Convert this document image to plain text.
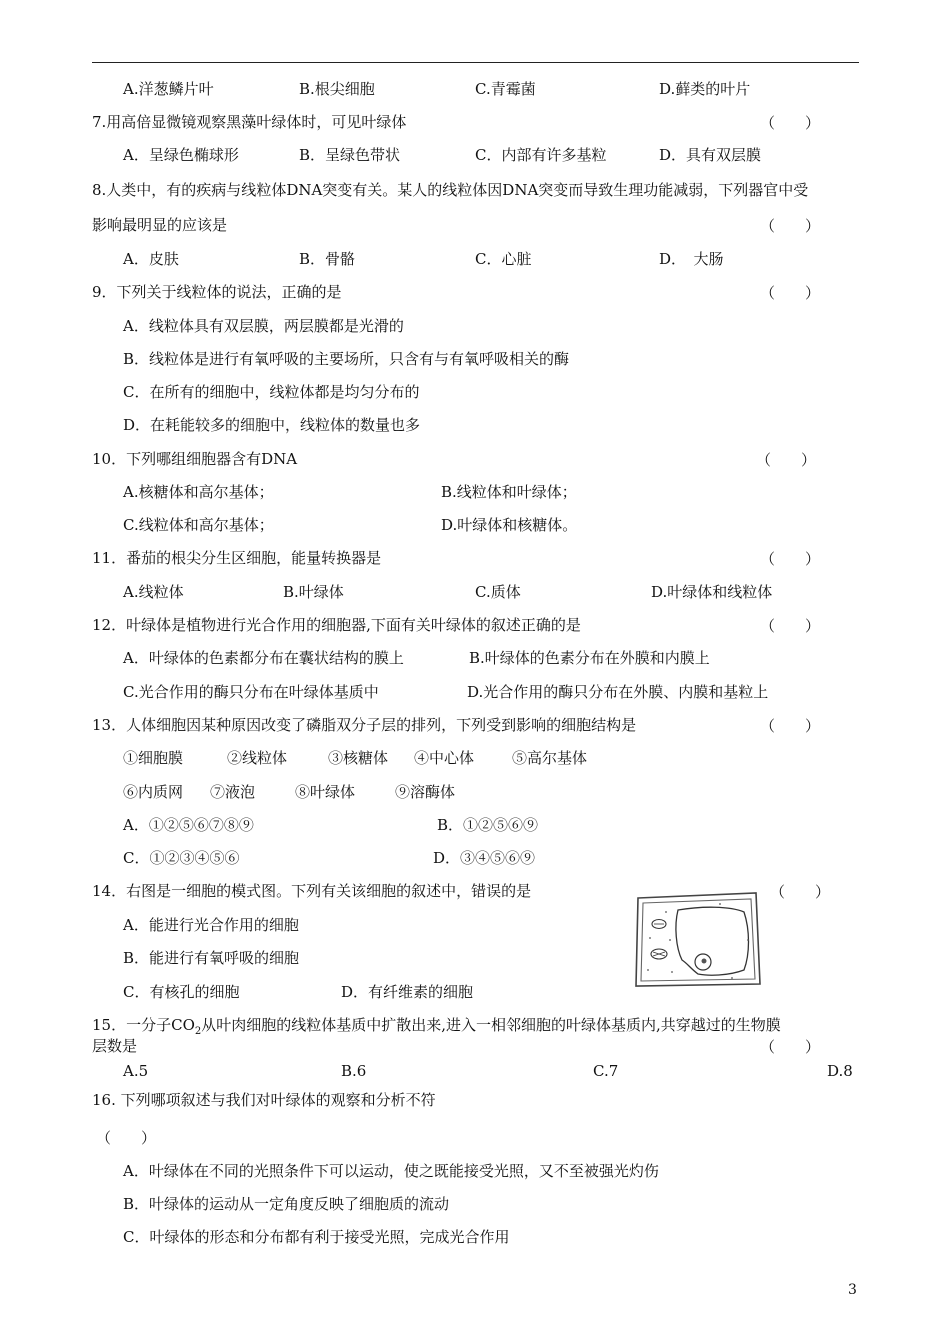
A.洋葱鳞片叶	B.根尖细胞	C.青霉菌	D.藓类的叶片
7.用高倍显微镜观察黑藻叶绿体时，可见叶绿体	（　　）
A．呈绿色椭球形	B．呈绿色带状	C．内部有许多基粒	D．具有双层膜
8.人类中，有的疾病与线粒体DNA突变有关。某人的线粒体因DNA突变而导致生理功能减弱，下列器官中受
影响最明显的应该是	（　　）
A．皮肤	B．骨骼	C．心脏	D．　大肠
9．下列关于线粒体的说法，正确的是	（　　）
A．线粒体具有双层膜，两层膜都是光滑的
B．线粒体是进行有氧呼吸的主要场所，只含有与有氧呼吸相关的酶
C．在所有的细胞中，线粒体都是均匀分布的
D．在耗能较多的细胞中，线粒体的数量也多
10．下列哪组细胞器含有DNA	（　　）
A.核糖体和高尔基体；	B.线粒体和叶绿体；
C.线粒体和高尔基体；	D.叶绿体和核糖体。
11．番茄的根尖分生区细胞，能量转换器是	（　　）
A.线粒体	B.叶绿体	C.质体	D.叶绿体和线粒体
12．叶绿体是植物进行光合作用的细胞器,下面有关叶绿体的叙述正确的是	（　　）
A．叶绿体的色素都分布在囊状结构的膜上	B.叶绿体的色素分布在外膜和内膜上
C.光合作用的酶只分布在叶绿体基质中	D.光合作用的酶只分布在外膜、内膜和基粒上
13．人体细胞因某种原因改变了磷脂双分子层的排列，下列受到影响的细胞结构是	（　　）
①细胞膜	②线粒体	③核糖体 ④中心体	⑤高尔基体
⑥内质网 ⑦液泡	⑧叶绿体	⑨溶酶体
A．①②⑤⑥⑦⑧⑨	B．①②⑤⑥⑨
C．①②③④⑤⑥	D．③④⑤⑥⑨
14．右图是一细胞的模式图。下列有关该细胞的叙述中，错误的是	（　　）
A．能进行光合作用的细胞
B．能进行有氧呼吸的细胞
C．有核孔的细胞	D．有纤维素的细胞
15．一分子$CO_2$从叶肉细胞的线粒体基质中扩散出来,进入一相邻细胞的叶绿体基质内,共穿越过的生物膜
层数是	（　　）
A.5	B.6	C.7	D.8
16. 下列哪项叙述与我们对叶绿体的观察和分析不符
（　　）
A．叶绿体在不同的光照条件下可以运动，使之既能接受光照，又不至被强光灼伤
B．叶绿体的运动从一定角度反映了细胞质的流动
C．叶绿体的形态和分布都有利于接受光照，完成光合作用
3
